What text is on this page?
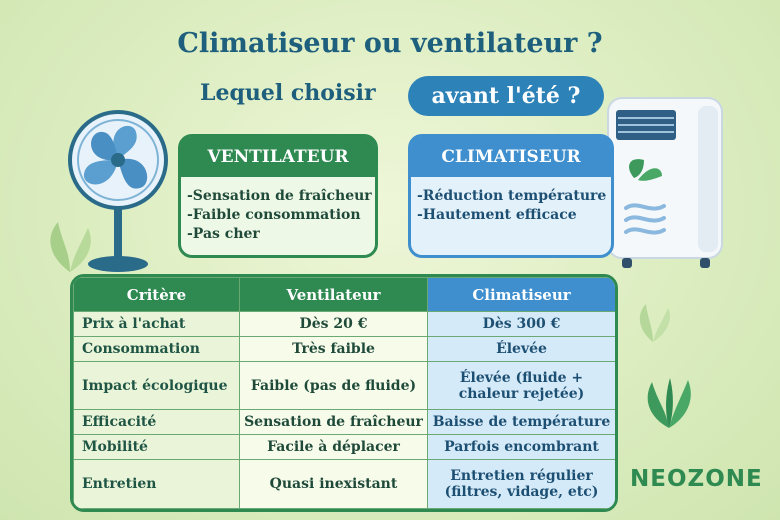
Climatiseur ou ventilateur ?
Lequel choisir	avant l'été ?
VENTILATEUR
-Sensation de fraîcheur
-Faible consommation
-Pas cher
CLIMATISEUR
-Réduction température
-Hautement efficace
Critère	Ventilateur	Climatiseur
Prix à l'achat	Dès 20 €	Dès 300 €
Consommation	Très faible	Élevée
Impact écologique	Faible (pas de fluide)	Élevée (fluide + chaleur rejetée)
Efficacité	Sensation de fraîcheur	Baisse de température
Mobilité	Facile à déplacer	Parfois encombrant
Entretien	Quasi inexistant	Entretien régulier (filtres, vidage, etc)
NEOZONE
